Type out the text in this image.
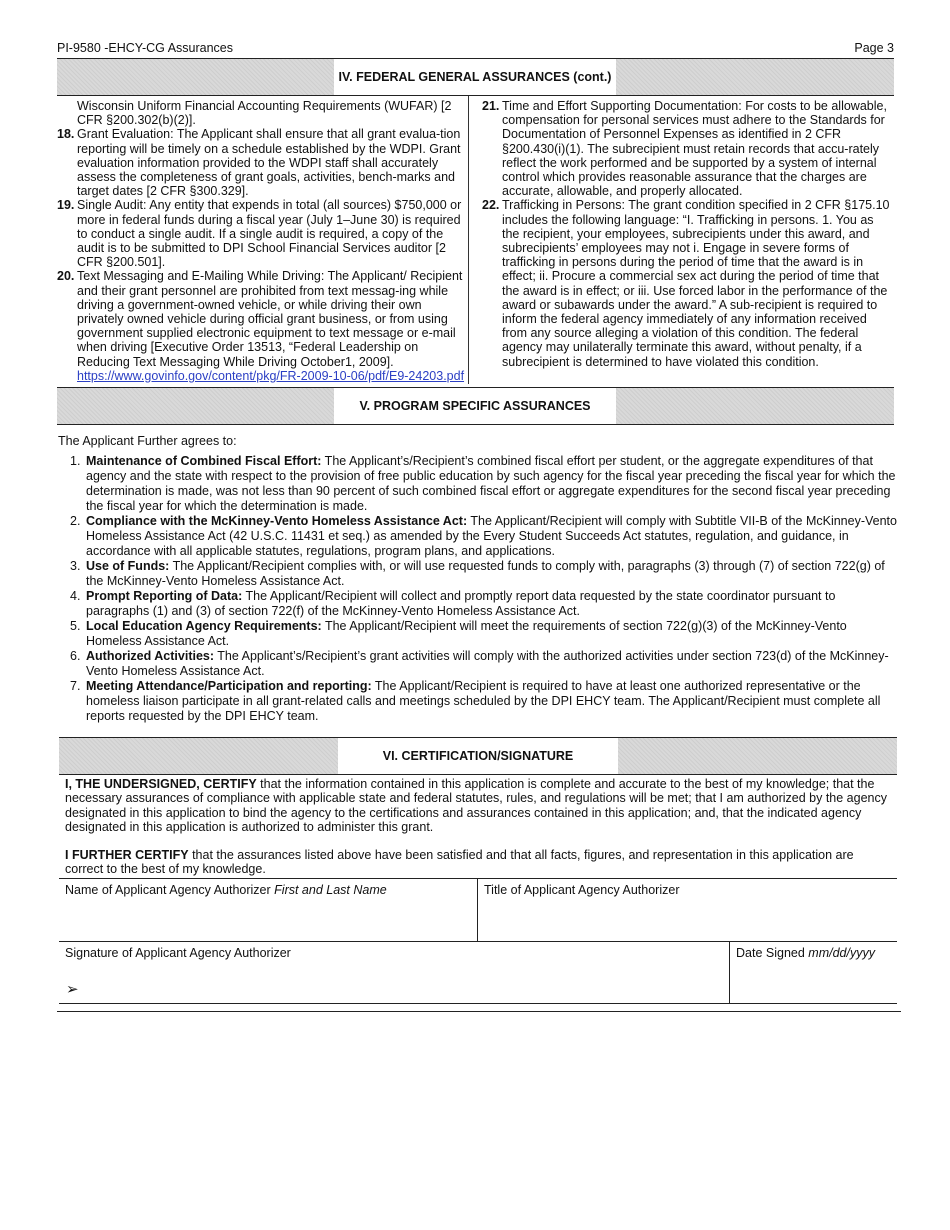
PI-9580 -EHCY-CG Assurances	Page 3
IV. FEDERAL GENERAL ASSURANCES (cont.)

Wisconsin Uniform Financial Accounting Requirements (WUFAR) [2 CFR §200.302(b)(2)].

18. Grant Evaluation: The Applicant shall ensure that all grant evalua-tion reporting will be timely on a schedule established by the WDPI. Grant evaluation information provided to the WDPI staff shall accurately assess the completeness of grant goals, activities, bench-marks and target dates [2 CFR §300.329].
19. Single Audit: Any entity that expends in total (all sources) $750,000 or more in federal funds during a fiscal year (July 1–June 30) is required to conduct a single audit. If a single audit is required, a copy of the audit is to be submitted to DPI School Financial Services auditor [2 CFR §200.501].
20. Text Messaging and E-Mailing While Driving: The Applicant/ Recipient and their grant personnel are prohibited from text messag-ing while driving a government-owned vehicle, or while driving their own privately owned vehicle during official grant business, or from using government supplied electronic equipment to text message or e-mail when driving [Executive Order 13513, “Federal Leadership on Reducing Text Messaging While Driving October1, 2009].
https://www.govinfo.gov/content/pkg/FR-2009-10-06/pdf/E9-24203.pdf
21. Time and Effort Supporting Documentation: For costs to be allowable, compensation for personal services must adhere to the Standards for Documentation of Personnel Expenses as identified in 2 CFR §200.430(i)(1). The subrecipient must retain records that accu-rately reflect the work performed and be supported by a system of internal control which provides reasonable assurance that the charges are accurate, allowable, and properly allocated.
22. Trafficking in Persons: The grant condition specified in 2 CFR §175.10 includes the following language: “I. Trafficking in persons. 1. You as the recipient, your employees, subrecipients under this award, and subrecipients’ employees may not i. Engage in severe forms of trafficking in persons during the period of time that the award is in effect; ii. Procure a commercial sex act during the period of time that the award is in effect; or iii. Use forced labor in the performance of the award or subawards under the award.” A sub-recipient is required to inform the federal agency immediately of any information received from any source alleging a violation of this condition. The federal agency may unilaterally terminate this award, without penalty, if a subrecipient is determined to have violated this condition.
V. PROGRAM SPECIFIC ASSURANCES
The Applicant Further agrees to:
1. Maintenance of Combined Fiscal Effort: The Applicant’s/Recipient’s combined fiscal effort per student, or the aggregate expenditures of that agency and the state with respect to the provision of free public education by such agency for the fiscal year preceding the fiscal year for which the determination is made, was not less than 90 percent of such combined fiscal effort or aggregate expenditures for the second fiscal year preceding the fiscal year for which the determination is made.
2. Compliance with the McKinney-Vento Homeless Assistance Act: The Applicant/Recipient will comply with Subtitle VII-B of the McKinney-Vento Homeless Assistance Act (42 U.S.C. 11431 et seq.) as amended by the Every Student Succeeds Act statutes, regulation, and guidance, in accordance with all applicable statutes, regulations, program plans, and applications.
3. Use of Funds: The Applicant/Recipient complies with, or will use requested funds to comply with, paragraphs (3) through (7) of section 722(g) of the McKinney-Vento Homeless Assistance Act.
4. Prompt Reporting of Data: The Applicant/Recipient will collect and promptly report data requested by the state coordinator pursuant to paragraphs (1) and (3) of section 722(f) of the McKinney-Vento Homeless Assistance Act.
5. Local Education Agency Requirements: The Applicant/Recipient will meet the requirements of section 722(g)(3) of the McKinney-Vento Homeless Assistance Act.
6. Authorized Activities: The Applicant’s/Recipient’s grant activities will comply with the authorized activities under section 723(d) of the McKinney-Vento Homeless Assistance Act.
7. Meeting Attendance/Participation and reporting: The Applicant/Recipient is required to have at least one authorized representative or the homeless liaison participate in all grant-related calls and meetings scheduled by the DPI EHCY team. The Applicant/Recipient must complete all reports requested by the DPI EHCY team.
VI. CERTIFICATION/SIGNATURE

I, THE UNDERSIGNED, CERTIFY that the information contained in this application is complete and accurate to the best of my knowledge; that the necessary assurances of compliance with applicable state and federal statutes, rules, and regulations will be met; that I am authorized by the agency designated in this application to bind the agency to the certifications and assurances contained in this application; and, that the indicated agency designated in this application is authorized to administer this grant.

I FURTHER CERTIFY that the assurances listed above have been satisfied and that all facts, figures, and representation in this application are correct to the best of my knowledge.

Name of Applicant Agency Authorizer First and Last Name	Title of Applicant Agency Authorizer
Signature of Applicant Agency Authorizer
➢
Date Signed mm/dd/yyyy
